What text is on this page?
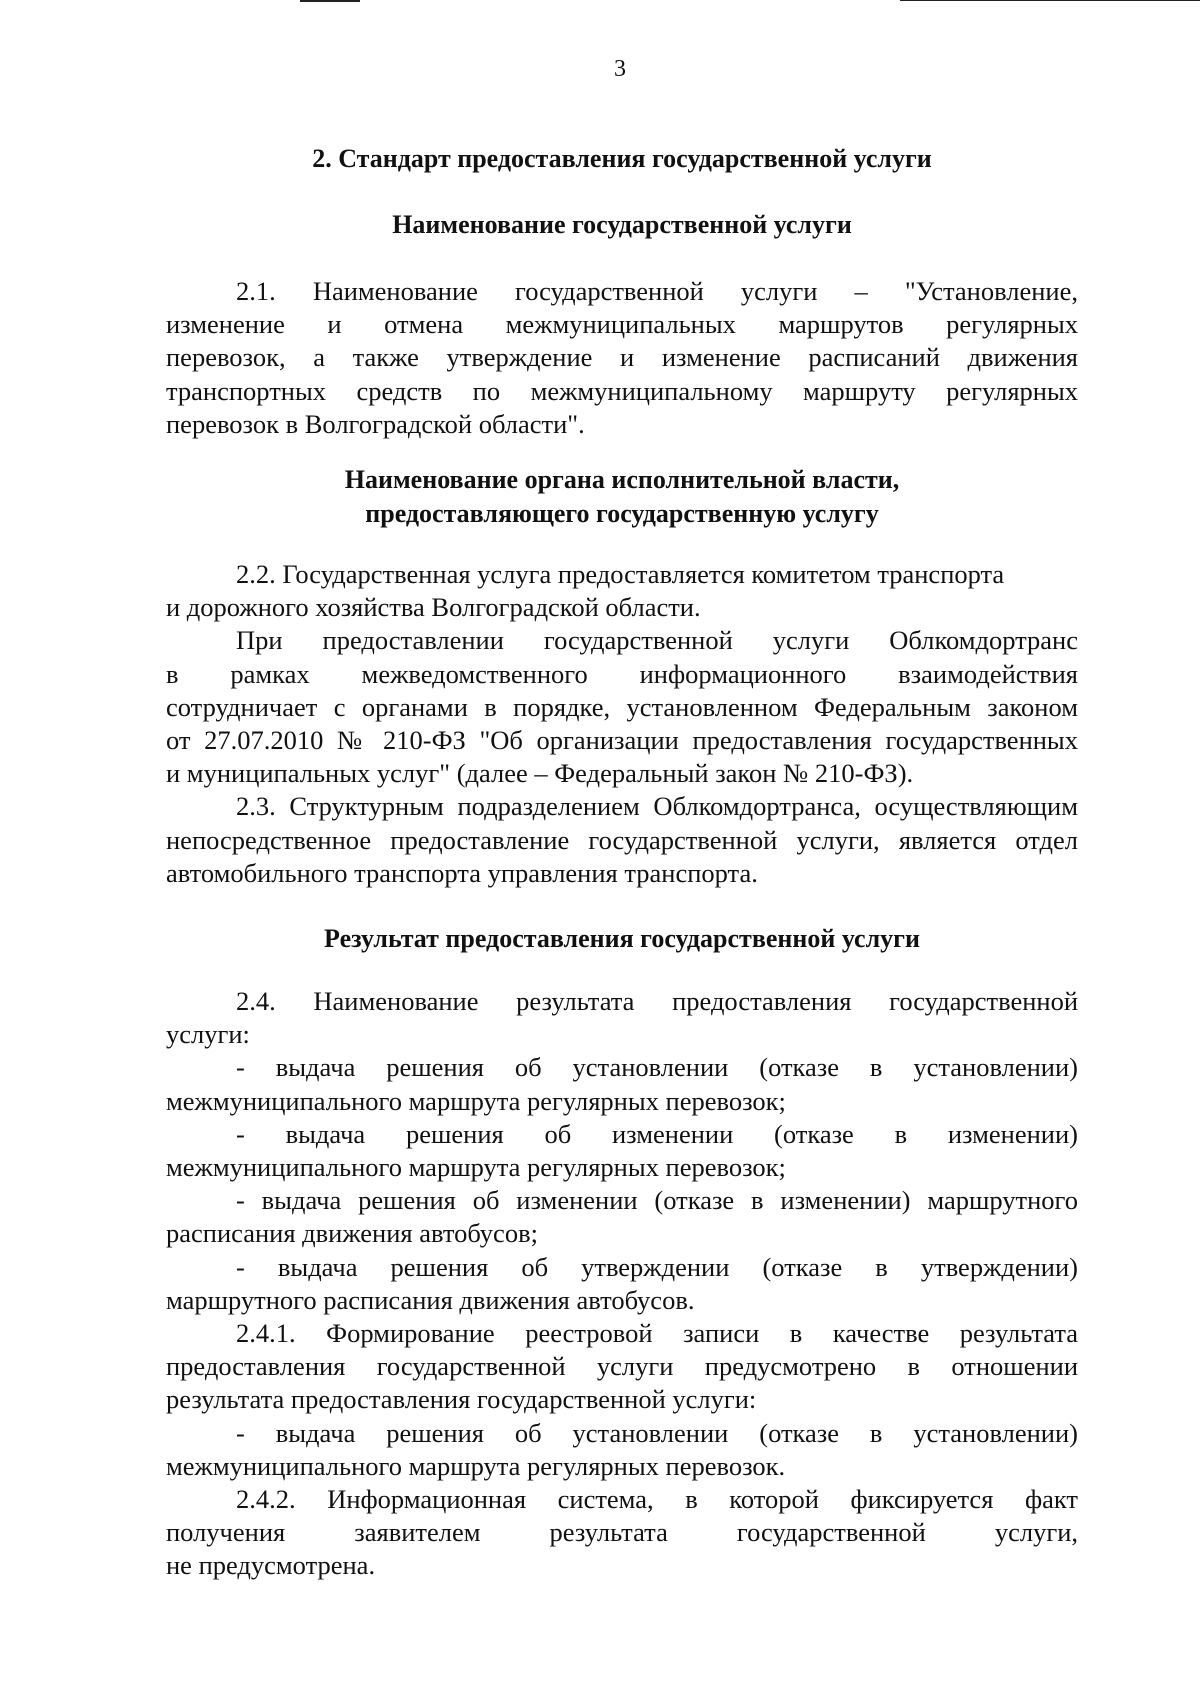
3
2. Стандарт предоставления государственной услуги
Наименование государственной услуги
2.1. Наименование государственной услуги – "Установление,
изменение и отмена межмуниципальных маршрутов регулярных
перевозок, а также утверждение и изменение расписаний движения
транспортных средств по межмуниципальному маршруту регулярных
перевозок в Волгоградской области".
Наименование органа исполнительной власти,
предоставляющего государственную услугу
2.2. Государственная услуга предоставляется комитетом транспорта
и дорожного хозяйства Волгоградской области.
При предоставлении государственной услуги Облкомдортранс
в рамках межведомственного информационного взаимодействия
сотрудничает с органами в порядке, установленном Федеральным законом
от 27.07.2010 № 210-ФЗ "Об организации предоставления государственных
и муниципальных услуг" (далее – Федеральный закон № 210-ФЗ).
2.3. Структурным подразделением Облкомдортранса, осуществляющим
непосредственное предоставление государственной услуги, является отдел
автомобильного транспорта управления транспорта.
Результат предоставления государственной услуги
2.4. Наименование результата предоставления государственной
услуги:
- выдача решения об установлении (отказе в установлении)
межмуниципального маршрута регулярных перевозок;
- выдача решения об изменении (отказе в изменении)
межмуниципального маршрута регулярных перевозок;
- выдача решения об изменении (отказе в изменении) маршрутного
расписания движения автобусов;
- выдача решения об утверждении (отказе в утверждении)
маршрутного расписания движения автобусов.
2.4.1. Формирование реестровой записи в качестве результата
предоставления государственной услуги предусмотрено в отношении
результата предоставления государственной услуги:
- выдача решения об установлении (отказе в установлении)
межмуниципального маршрута регулярных перевозок.
2.4.2. Информационная система, в которой фиксируется факт
получения заявителем результата государственной услуги,
не предусмотрена.
